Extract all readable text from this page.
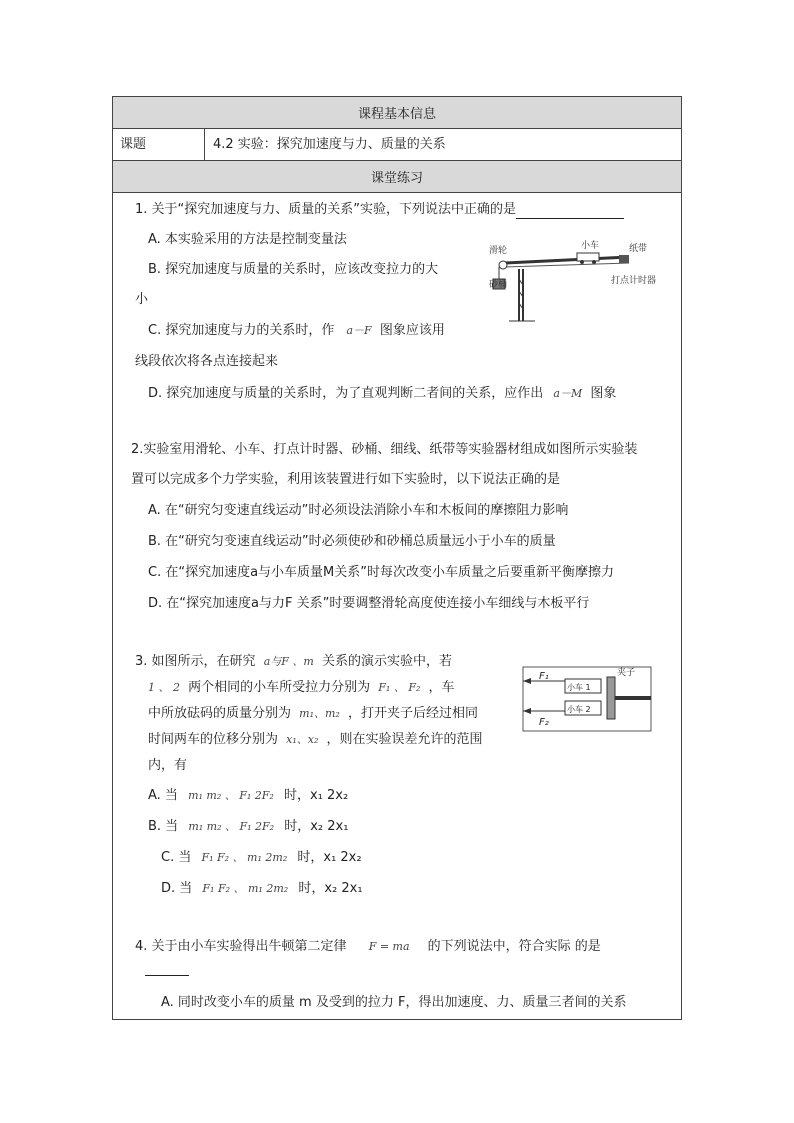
课程基本信息
课题	4.2 实验：探究加速度与力、质量的关系
课堂练习
1. 关于“探究加速度与力、质量的关系”实验，下列说法中正确的是
A. 本实验采用的方法是控制变量法
B. 探究加速度与质量的关系时，应该改变拉力的大
小
C. 探究加速度与力的关系时，作 a－F 图象应该用
线段依次将各点连接起来
D. 探究加速度与质量的关系时，为了直观判断二者间的关系，应作出 a－M 图象
滑轮	小车	纸带
砂桶	打点计时器
2.实验室用滑轮、小车、打点计时器、砂桶、细线、纸带等实验器材组成如图所示实验装
置可以完成多个力学实验，利用该装置进行如下实验时，以下说法正确的是
A. 在“研究匀变速直线运动”时必须设法消除小车和木板间的摩擦阻力影响
B. 在“研究匀变速直线运动”时必须使砂和砂桶总质量远小于小车的质量
C. 在“探究加速度a与小车质量M关系”时每次改变小车质量之后要重新平衡摩擦力
D. 在“探究加速度a与力F 关系”时要调整滑轮高度使连接小车细线与木板平行
3. 如图所示，在研究 a与F 、m 关系的演示实验中，若
1 、 2 两个相同的小车所受拉力分别为 F₁ 、 F₂ ，车
中所放砝码的质量分别为 m₁、m₂ ，打开夹子后经过相同
时间两车的位移分别为 x₁、x₂ ，则在实验误差允许的范围
内，有
A. 当 m₁ m₂ 、 F₁ 2F₂ 时，x₁ 2x₂
B. 当 m₁ m₂ 、 F₁ 2F₂ 时，x₂ 2x₁
C. 当 F₁ F₂ 、 m₁ 2m₂ 时，x₁ 2x₂
D. 当 F₁ F₂ 、 m₁ 2m₂ 时，x₂ 2x₁
F₁
F₂
小车 1
小车 2
夹子
4. 关于由小车实验得出牛顿第二定律 F = ma 的下列说法中，符合实际 的是
A. 同时改变小车的质量 m 及受到的拉力 F，得出加速度、力、质量三者间的关系
